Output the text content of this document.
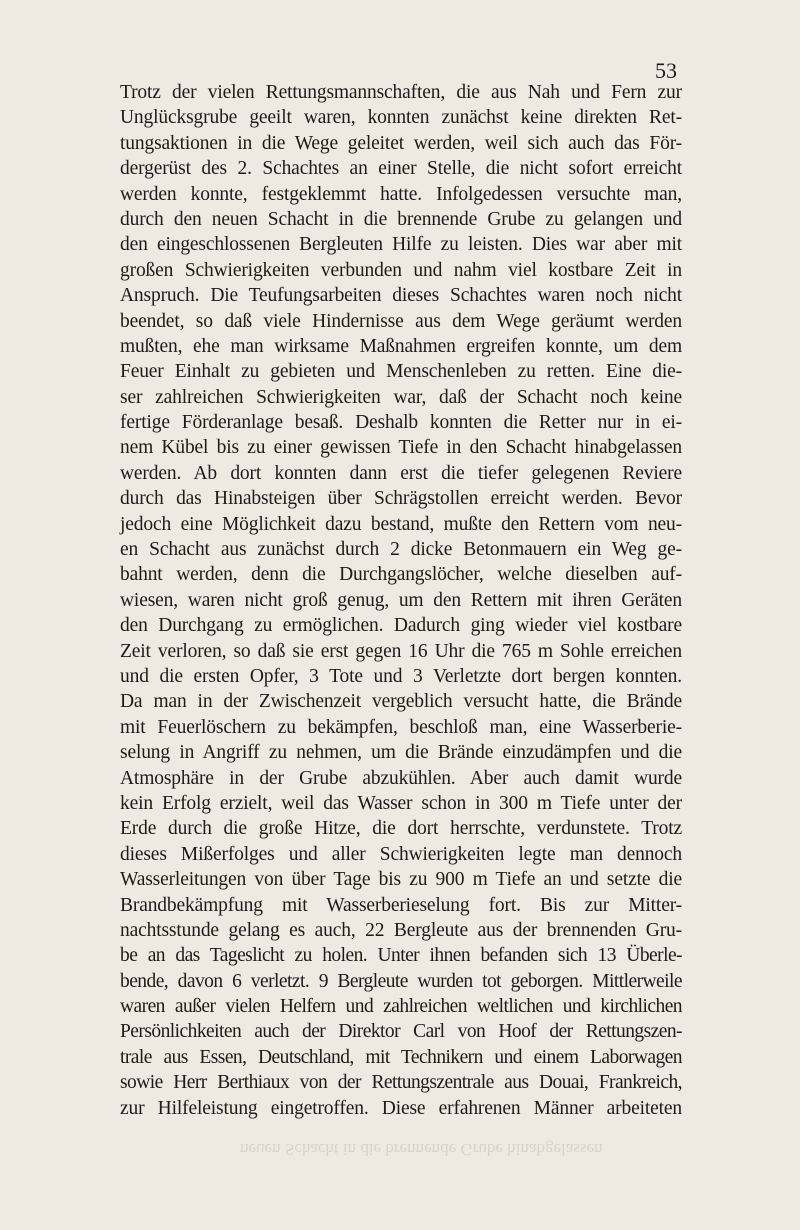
53
Trotz der vielen Rettungsmannschaften, die aus Nah und Fern zur
Unglücksgrube geeilt waren, konnten zunächst keine direkten Ret-
tungsaktionen in die Wege geleitet werden, weil sich auch das För-
dergerüst des 2. Schachtes an einer Stelle, die nicht sofort erreicht
werden konnte, festgeklemmt hatte. Infolgedessen versuchte man,
durch den neuen Schacht in die brennende Grube zu gelangen und
den eingeschlossenen Bergleuten Hilfe zu leisten. Dies war aber mit
großen Schwierigkeiten verbunden und nahm viel kostbare Zeit in
Anspruch. Die Teufungsarbeiten dieses Schachtes waren noch nicht
beendet, so daß viele Hindernisse aus dem Wege geräumt werden
mußten, ehe man wirksame Maßnahmen ergreifen konnte, um dem
Feuer Einhalt zu gebieten und Menschenleben zu retten. Eine die-
ser zahlreichen Schwierigkeiten war, daß der Schacht noch keine
fertige Förderanlage besaß. Deshalb konnten die Retter nur in ei-
nem Kübel bis zu einer gewissen Tiefe in den Schacht hinabgelassen
werden. Ab dort konnten dann erst die tiefer gelegenen Reviere
durch das Hinabsteigen über Schrägstollen erreicht werden. Bevor
jedoch eine Möglichkeit dazu bestand, mußte den Rettern vom neu-
en Schacht aus zunächst durch 2 dicke Betonmauern ein Weg ge-
bahnt werden, denn die Durchgangslöcher, welche dieselben auf-
wiesen, waren nicht groß genug, um den Rettern mit ihren Geräten
den Durchgang zu ermöglichen. Dadurch ging wieder viel kostbare
Zeit verloren, so daß sie erst gegen 16 Uhr die 765 m Sohle erreichen
und die ersten Opfer, 3 Tote und 3 Verletzte dort bergen konnten.
Da man in der Zwischenzeit vergeblich versucht hatte, die Brände
mit Feuerlöschern zu bekämpfen, beschloß man, eine Wasserberie-
selung in Angriff zu nehmen, um die Brände einzudämpfen und die
Atmosphäre in der Grube abzukühlen. Aber auch damit wurde
kein Erfolg erzielt, weil das Wasser schon in 300 m Tiefe unter der
Erde durch die große Hitze, die dort herrschte, verdunstete. Trotz
dieses Mißerfolges und aller Schwierigkeiten legte man dennoch
Wasserleitungen von über Tage bis zu 900 m Tiefe an und setzte die
Brandbekämpfung mit Wasserberieselung fort. Bis zur Mitter-
nachtsstunde gelang es auch, 22 Bergleute aus der brennenden Gru-
be an das Tageslicht zu holen. Unter ihnen befanden sich 13 Überle-
bende, davon 6 verletzt. 9 Bergleute wurden tot geborgen. Mittlerweile
waren außer vielen Helfern und zahlreichen weltlichen und kirchlichen
Persönlichkeiten auch der Direktor Carl von Hoof der Rettungszen-
trale aus Essen, Deutschland, mit Technikern und einem Laborwagen
sowie Herr Berthiaux von der Rettungszentrale aus Douai, Frankreich,
zur Hilfeleistung eingetroffen. Diese erfahrenen Männer arbeiteten
neuen Schacht in die brennende Grube hinabgelassen
